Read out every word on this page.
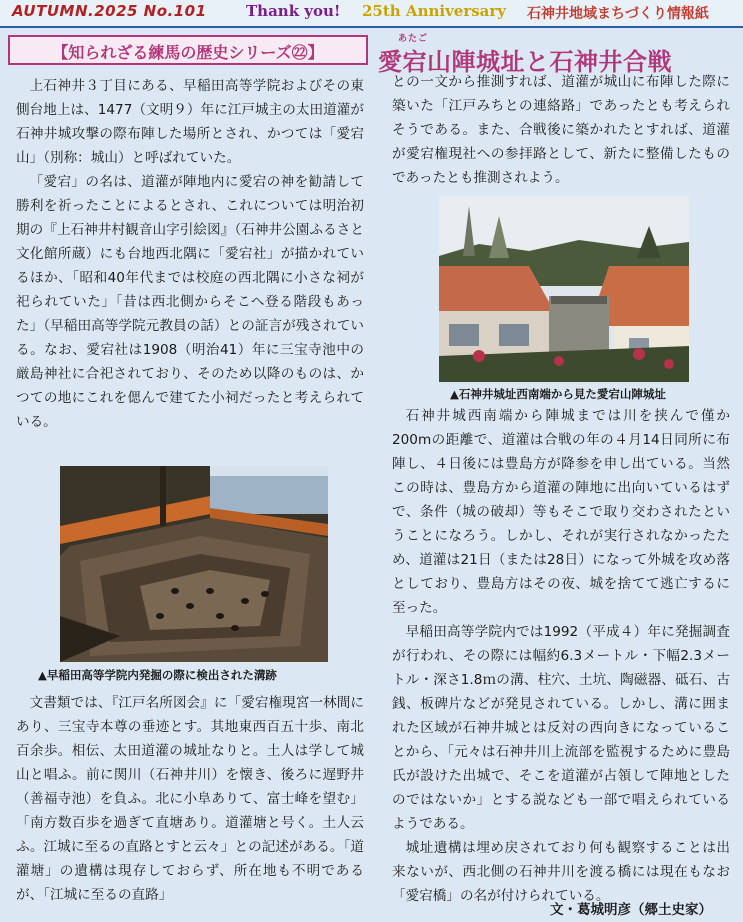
AUTUMN.2025 No.101	Thank you! 25th Anniversary 石神井地域まちづくり情報紙
【知られざる練馬の歴史シリーズ㉒】
あたご
愛宕山陣城址と石神井合戦

上石神井３丁目にある、早稲田高等学院およびその東側台地上は、1477（文明９）年に江戸城主の太田道灌が石神井城攻撃の際布陣した場所とされ、かつては「愛宕山」（別称：城山）と呼ばれていた。

「愛宕」の名は、道灌が陣地内に愛宕の神を勧請して勝利を祈ったことによるとされ、これについては明治初期の『上石神井村観音山字引絵図』（石神井公園ふるさと文化館所蔵）にも台地西北隅に「愛宕社」が描かれているほか、「昭和40年代までは校庭の西北隅に小さな祠が祀られていた」「昔は西北側からそこへ登る階段もあった」（早稲田高等学院元教員の話）との証言が残されている。なお、愛宕社は1908（明治41）年に三宝寺池中の厳島神社に合祀されており、そのため以降のものは、かつての地にこれを偲んで建てた小祠だったと考えられている。

▲早稲田高等学院内発掘の際に検出された溝跡

文書類では、『江戸名所図会』に「愛宕権現宮一林間にあり、三宝寺本尊の垂迹とす。其地東西百五十歩、南北百余歩。相伝、太田道灌の城址なりと。土人は学して城山と唱ふ。前に関川（石神井川）を懐き、後ろに遅野井（善福寺池）を負ふ。北に小阜ありて、富士峰を望む」「南方数百歩を過ぎて直塘あり。道灌塘と号く。土人云ふ。江城に至るの直路とすと云々」との記述がある。「道灌塘」の遺構は現存しておらず、所在地も不明であるが、「江城に至るの直路」

との一文から推測すれば、道灌が城山に布陣した際に築いた「江戸みちとの連絡路」であったとも考えられそうである。また、合戦後に築かれたとすれば、道灌が愛宕権現社への参拝路として、新たに整備したものであったとも推測されよう。

▲石神井城址西南端から見た愛宕山陣城址

石神井城西南端から陣城までは川を挟んで僅か200mの距離で、道灌は合戦の年の４月14日同所に布陣し、４日後には豊島方が降参を申し出ている。当然この時は、豊島方から道灌の陣地に出向いているはずで、条件（城の破却）等もそこで取り交わされたということになろう。しかし、それが実行されなかったため、道灌は21日（または28日）になって外城を攻め落としており、豊島方はその夜、城を捨てて逃亡するに至った。

早稲田高等学院内では1992（平成４）年に発掘調査が行われ、その際には幅約6.3メートル・下幅2.3メートル・深さ1.8ｍの溝、柱穴、土坑、陶磁器、砥石、古銭、板碑片などが発見されている。しかし、溝に囲まれた区域が石神井城とは反対の西向きになっていることから、「元々は石神井川上流部を監視するために豊島氏が設けた出城で、そこを道灌が占領して陣地としたのではないか」とする説なども一部で唱えられているようである。

城址遺構は埋め戻されており何も観察することは出来ないが、西北側の石神井川を渡る橋には現在もなお「愛宕橋」の名が付けられている。

文・葛城明彦（郷土史家）
